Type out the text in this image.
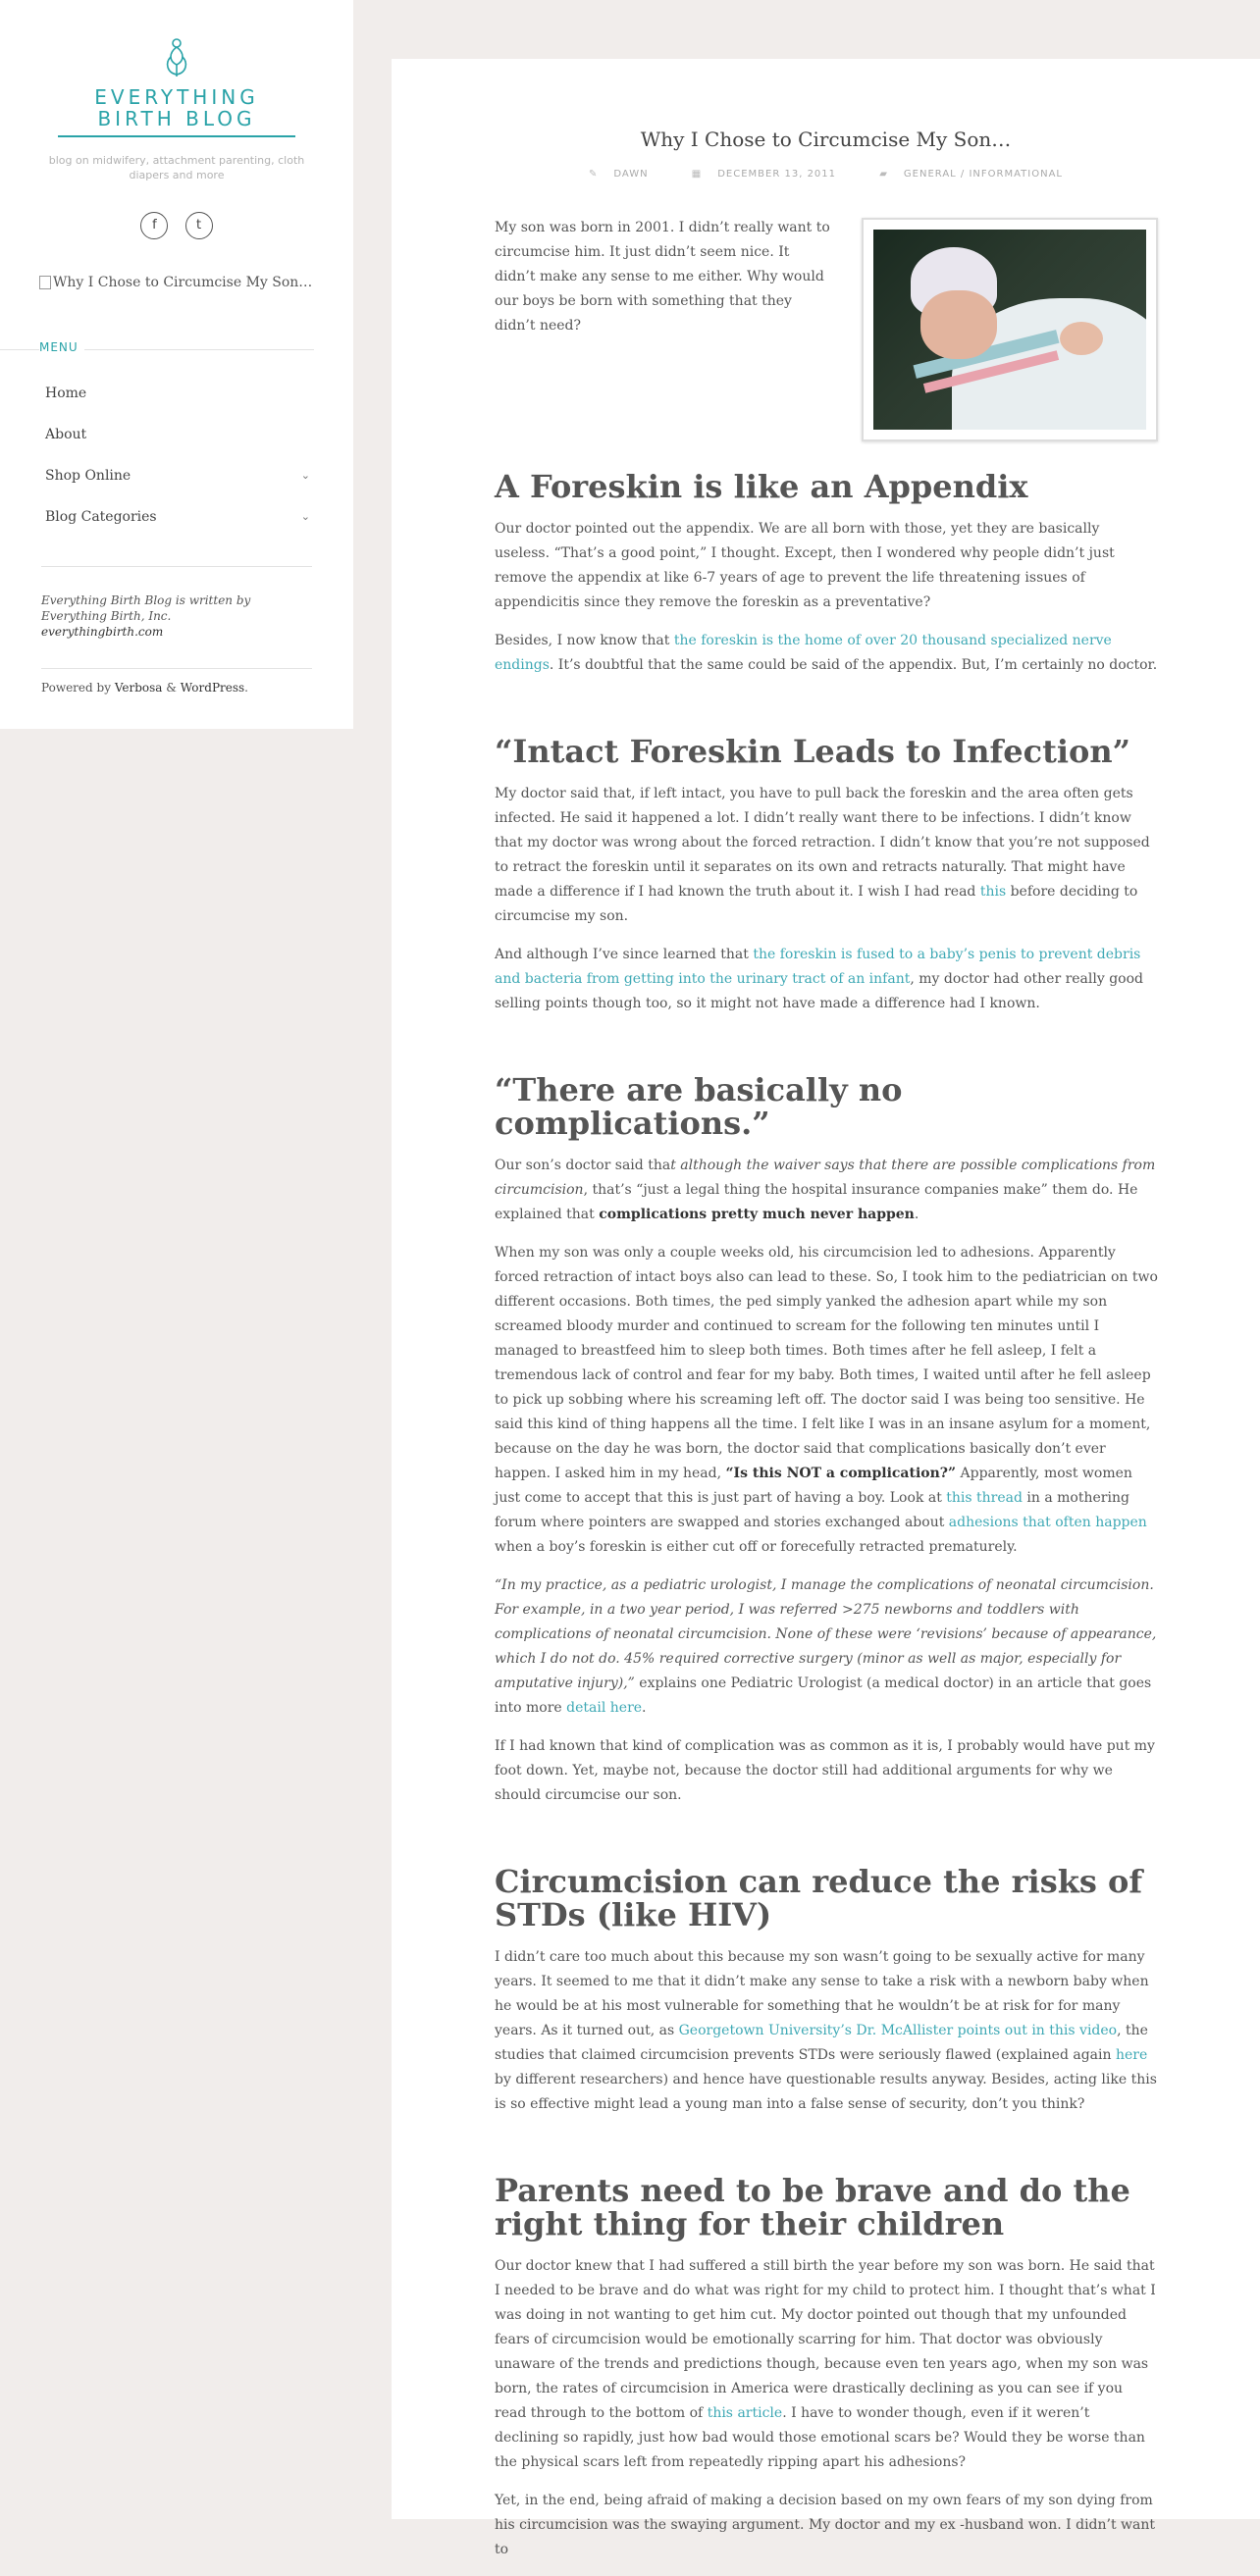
EVERYTHING BIRTH BLOG
blog on midwifery, attachment parenting, cloth diapers and more
f	t
Why I Chose to Circumcise My Son…
MENU
Home
About
Shop Online	⌄
Blog Categories	⌄
Everything Birth Blog is written by Everything Birth, Inc.
everythingbirth.com
Powered by Verbosa & WordPress.
Why I Chose to Circumcise My Son…
✎ DAWN	▦ DECEMBER 13, 2011	▰ GENERAL / INFORMATIONAL

My son was born in 2001. I didn’t really want to circumcise him. It just didn’t seem nice. It didn’t make any sense to me either. Why would our boys be born with something that they didn’t need?

A Foreskin is like an Appendix

Our doctor pointed out the appendix. We are all born with those, yet they are basically useless. “That’s a good point,” I thought. Except, then I wondered why people didn’t just remove the appendix at like 6-7 years of age to prevent the life threatening issues of appendicitis since they remove the foreskin as a preventative?

Besides, I now know that the foreskin is the home of over 20 thousand specialized nerve endings. It’s doubtful that the same could be said of the appendix. But, I’m certainly no doctor.

“Intact Foreskin Leads to Infection”

My doctor said that, if left intact, you have to pull back the foreskin and the area often gets infected. He said it happened a lot. I didn’t really want there to be infections. I didn’t know that my doctor was wrong about the forced retraction. I didn’t know that you’re not supposed to retract the foreskin until it separates on its own and retracts naturally. That might have made a difference if I had known the truth about it. I wish I had read this before deciding to circumcise my son.

And although I’ve since learned that the foreskin is fused to a baby’s penis to prevent debris and bacteria from getting into the urinary tract of an infant, my doctor had other really good selling points though too, so it might not have made a difference had I known.

“There are basically no complications.”

Our son’s doctor said that although the waiver says that there are possible complications from circumcision, that’s “just a legal thing the hospital insurance companies make” them do. He explained that complications pretty much never happen.

When my son was only a couple weeks old, his circumcision led to adhesions. Apparently forced retraction of intact boys also can lead to these. So, I took him to the pediatrician on two different occasions. Both times, the ped simply yanked the adhesion apart while my son screamed bloody murder and continued to scream for the following ten minutes until I managed to breastfeed him to sleep both times. Both times after he fell asleep, I felt a tremendous lack of control and fear for my baby. Both times, I waited until after he fell asleep to pick up sobbing where his screaming left off. The doctor said I was being too sensitive. He said this kind of thing happens all the time. I felt like I was in an insane asylum for a moment, because on the day he was born, the doctor said that complications basically don’t ever happen. I asked him in my head, “Is this NOT a complication?” Apparently, most women just come to accept that this is just part of having a boy. Look at this thread in a mothering forum where pointers are swapped and stories exchanged about adhesions that often happen when a boy’s foreskin is either cut off or forecefully retracted prematurely.

“In my practice, as a pediatric urologist, I manage the complications of neonatal circumcision. For example, in a two year period, I was referred >275 newborns and toddlers with complications of neonatal circumcision. None of these were ‘revisions’ because of appearance, which I do not do. 45% required corrective surgery (minor as well as major, especially for amputative injury),” explains one Pediatric Urologist (a medical doctor) in an article that goes into more detail here.

If I had known that kind of complication was as common as it is, I probably would have put my foot down. Yet, maybe not, because the doctor still had additional arguments for why we should circumcise our son.

Circumcision can reduce the risks of STDs (like HIV)

I didn’t care too much about this because my son wasn’t going to be sexually active for many years. It seemed to me that it didn’t make any sense to take a risk with a newborn baby when he would be at his most vulnerable for something that he wouldn’t be at risk for for many years. As it turned out, as Georgetown University’s Dr. McAllister points out in this video, the studies that claimed circumcision prevents STDs were seriously flawed (explained again here by different researchers) and hence have questionable results anyway. Besides, acting like this is so effective might lead a young man into a false sense of security, don’t you think?

Parents need to be brave and do the right thing for their children

Our doctor knew that I had suffered a still birth the year before my son was born. He said that I needed to be brave and do what was right for my child to protect him. I thought that’s what I was doing in not wanting to get him cut. My doctor pointed out though that my unfounded fears of circumcision would be emotionally scarring for him. That doctor was obviously unaware of the trends and predictions though, because even ten years ago, when my son was born, the rates of circumcision in America were drastically declining as you can see if you read through to the bottom of this article. I have to wonder though, even if it weren’t declining so rapidly, just how bad would those emotional scars be? Would they be worse than the physical scars left from repeatedly ripping apart his adhesions?

Yet, in the end, being afraid of making a decision based on my own fears of my son dying from his circumcision was the swaying argument. My doctor and my ex -husband won. I didn’t want to
